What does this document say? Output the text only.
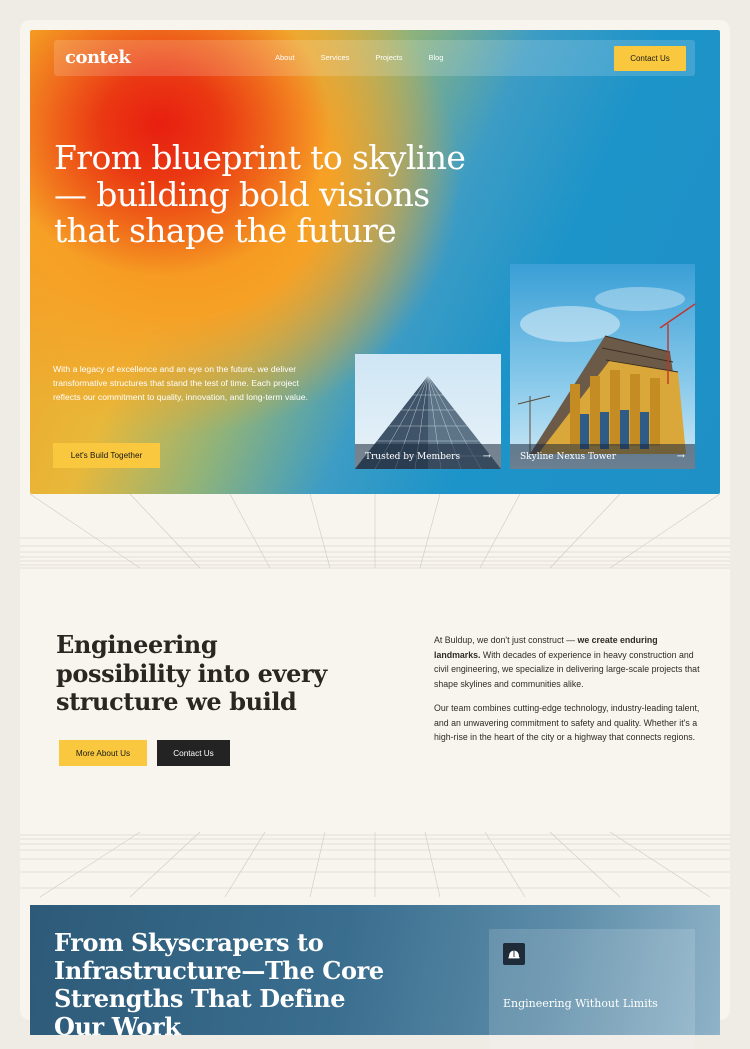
contek	About	Services	Projects	Blog	Contact Us
From blueprint to skyline — building bold visions that shape the future

With a legacy of excellence and an eye on the future, we deliver transformative structures that stand the test of time. Each project reflects our commitment to quality, innovation, and long-term value.

Let's Build Together	Trusted by Members →	Skyline Nexus Tower	→
Engineering possibility into every structure we build
More About Us	Contact Us

At Buldup, we don't just construct — we create enduring landmarks. With decades of experience in heavy construction and civil engineering, we specialize in delivering large-scale projects that shape skylines and communities alike.

Our team combines cutting-edge technology, industry-leading talent, and an unwavering commitment to safety and quality. Whether it's a high-rise in the heart of the city or a highway that connects regions.

From Skyscrapers to Infrastructure—The Core Strengths That Define Our Work
Engineering Without Limits
